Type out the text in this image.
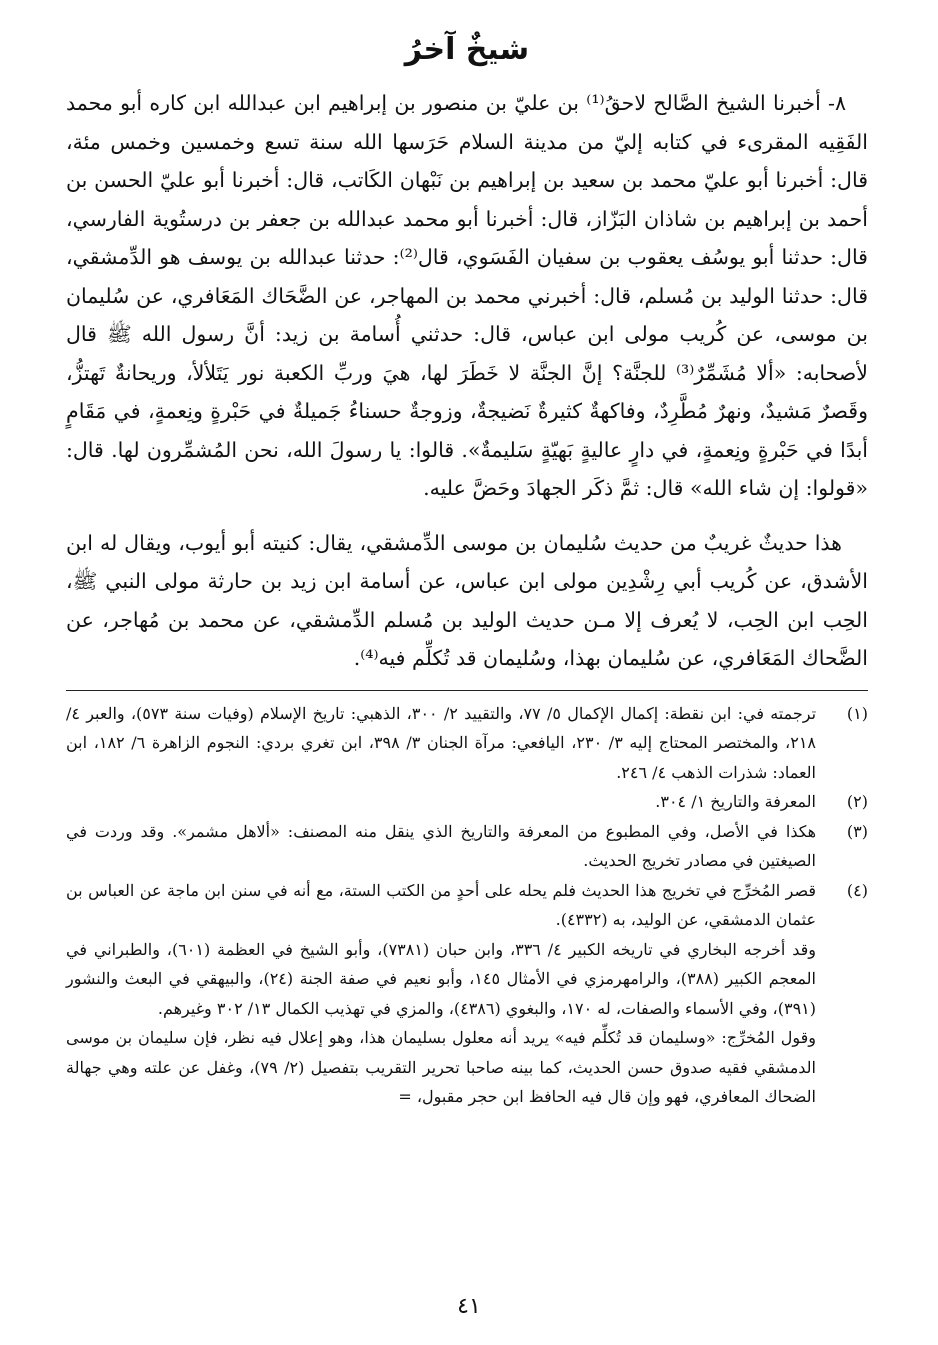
شيخٌ آخرُ

٨- أخبرنا الشيخ الصَّالح لاحقُ⁽¹⁾ بن عليّ بن منصور بن إبراهيم ابن عبدالله ابن كاره أبو محمد الفَقِيه المقرىء في كتابه إليّ من مدينة السلام حَرَسها الله سنة تسع وخمسين وخمس مئة، قال: أخبرنا أبو عليّ محمد بن سعيد بن إبراهيم بن نَبْهان الكَاتب، قال: أخبرنا أبو عليّ الحسن بن أحمد بن إبراهيم بن شاذان البَزّاز، قال: أخبرنا أبو محمد عبدالله بن جعفر بن درستُوية الفارسي، قال: حدثنا أبو يوسُف يعقوب بن سفيان الفَسَوي، قال⁽²⁾: حدثنا عبدالله بن يوسف هو الدِّمشقي، قال: حدثنا الوليد بن مُسلم، قال: أخبرني محمد بن المهاجر، عن الضَّحَاك المَعَافري، عن سُليمان بن موسى، عن كُريب مولى ابن عباس، قال: حدثني أُسامة بن زيد: أنَّ رسول الله ﷺ قال لأصحابه: «ألا مُشَمِّرٌ⁽³⁾ للجنَّة؟ إنَّ الجنَّة لا خَطَرَ لها، هيَ وربِّ الكعبة نور يَتَلألأ، وريحانةٌ تَهتزُّ، وقَصرٌ مَشيدٌ، ونهرٌ مُطَّرِدٌ، وفاكهةٌ كثيرةٌ نَضيجةٌ، وزوجةٌ حسناءُ جَميلةٌ في حَبْرةٍ ونِعمةٍ، في مَقَامٍ أبدًا في حَبْرةٍ ونِعمةٍ، في دارٍ عاليةٍ بَهيّةٍ سَليمةٌ». قالوا: يا رسولَ الله، نحن المُشمِّرون لها. قال: «قولوا: إن شاء الله» قال: ثمَّ ذكَر الجهادَ وحَضَّ عليه.

هذا حديثٌ غريبٌ من حديث سُليمان بن موسى الدِّمشقي، يقال: كنيته أبو أيوب، ويقال له ابن الأشدق، عن كُريب أبي رِشْدِين مولى ابن عباس، عن أسامة ابن زيد بن حارثة مولى النبي ﷺ، الحِب ابن الحِب، لا يُعرف إلا مـن حديث الوليد بن مُسلم الدِّمشقي، عن محمد بن مُهاجر، عن الضَّحاك المَعَافري، عن سُليمان بهذا، وسُليمان قد تُكلِّم فيه⁽⁴⁾.

(١)

ترجمته في: ابن نقطة: إكمال الإكمال ٥/ ٧٧، والتقييد ٢/ ٣٠٠، الذهبي: تاريخ الإسلام (وفيات سنة ٥٧٣)، والعبر ٤/ ٢١٨، والمختصر المحتاج إليه ٣/ ٢٣٠، اليافعي: مرآة الجنان ٣/ ٣٩٨، ابن تغري بردي: النجوم الزاهرة ٦/ ١٨٢، ابن العماد: شذرات الذهب ٤/ ٢٤٦.

(٢)

المعرفة والتاريخ ١/ ٣٠٤.

(٣)

هكذا في الأصل، وفي المطبوع من المعرفة والتاريخ الذي ينقل منه المصنف: «ألاهل مشمر». وقد وردت في الصيغتين في مصادر تخريج الحديث.

(٤)

قصر المُخرِّج في تخريج هذا الحديث فلم يحله على أحدٍ من الكتب الستة، مع أنه في سنن ابن ماجة عن العباس بن عثمان الدمشقي، عن الوليد، به (٤٣٣٢).

وقد أخرجه البخاري في تاريخه الكبير ٤/ ٣٣٦، وابن حبان (٧٣٨١)، وأبو الشيخ في العظمة (٦٠١)، والطبراني في المعجم الكبير (٣٨٨)، والرامهرمزي في الأمثال ١٤٥، وأبو نعيم في صفة الجنة (٢٤)، والبيهقي في البعث والنشور (٣٩١)، وفي الأسماء والصفات، له ١٧٠، والبغوي (٤٣٨٦)، والمزي في تهذيب الكمال ١٣/ ٣٠٢ وغيرهم.

وقول المُخرِّج: «وسليمان قد تُكلِّم فيه» يريد أنه معلول بسليمان هذا، وهو إعلال فيه نظر، فإن سليمان بن موسى الدمشقي فقيه صدوق حسن الحديث، كما بينه صاحبا تحرير التقريب بتفصيل (٢/ ٧٩)، وغفل عن علته وهي جهالة الضحاك المعافري، فهو وإن قال فيه الحافظ ابن حجر مقبول، =

٤١
